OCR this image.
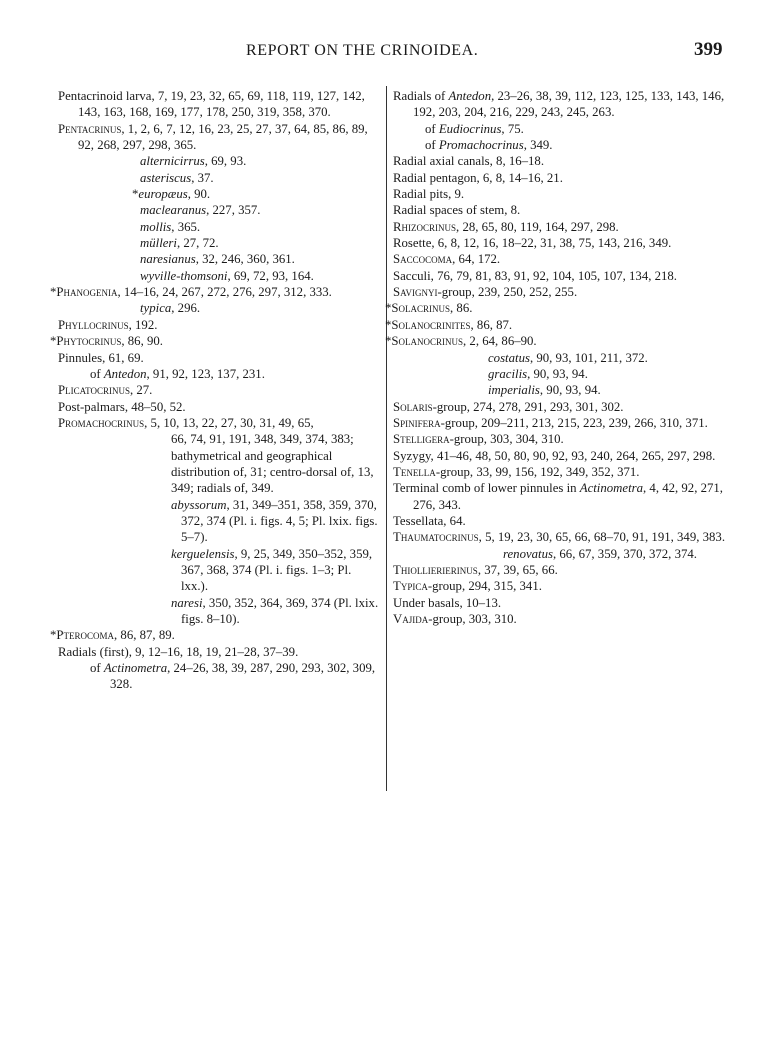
REPORT ON THE CRINOIDEA.	399
Pentacrinoid larva, 7, 19, 23, 32, 65, 69, 118, 119, 127, 142, 143, 163, 168, 169, 177, 178, 250, 319, 358, 370.
Pentacrinus, 1, 2, 6, 7, 12, 16, 23, 25, 27, 37, 64, 85, 86, 89, 92, 268, 297, 298, 365.
alternicirrus, 69, 93.
asteriscus, 37.
*europæus, 90.
maclearanus, 227, 357.
mollis, 365.
mülleri, 27, 72.
naresianus, 32, 246, 360, 361.
wyville-thomsoni, 69, 72, 93, 164.
*Phanogenia, 14–16, 24, 267, 272, 276, 297, 312, 333.
typica, 296.
Phyllocrinus, 192.
*Phytocrinus, 86, 90.
Pinnules, 61, 69.
of Antedon, 91, 92, 123, 137, 231.
Plicatocrinus, 27.
Post-palmars, 48–50, 52.
Promachocrinus, 5, 10, 13, 22, 27, 30, 31, 49, 65,
66, 74, 91, 191, 348, 349, 374, 383; bathymetrical and geographical distribution of, 31; centro-dorsal of, 13, 349; radials of, 349.
abyssorum, 31, 349–351, 358, 359, 370, 372, 374 (Pl. i. figs. 4, 5; Pl. lxix. figs. 5–7).
kerguelensis, 9, 25, 349, 350–352, 359, 367, 368, 374 (Pl. i. figs. 1–3; Pl. lxx.).
naresi, 350, 352, 364, 369, 374 (Pl. lxix. figs. 8–10).
*Pterocoma, 86, 87, 89.
Radials (first), 9, 12–16, 18, 19, 21–28, 37–39.
of Actinometra, 24–26, 38, 39, 287, 290, 293, 302, 309, 328.
Radials of Antedon, 23–26, 38, 39, 112, 123, 125, 133, 143, 146, 192, 203, 204, 216, 229, 243, 245, 263.
of Eudiocrinus, 75.
of Promachocrinus, 349.
Radial axial canals, 8, 16–18.
Radial pentagon, 6, 8, 14–16, 21.
Radial pits, 9.
Radial spaces of stem, 8.
Rhizocrinus, 28, 65, 80, 119, 164, 297, 298.
Rosette, 6, 8, 12, 16, 18–22, 31, 38, 75, 143, 216, 349.
Saccocoma, 64, 172.
Sacculi, 76, 79, 81, 83, 91, 92, 104, 105, 107, 134, 218.
Savignyi-group, 239, 250, 252, 255.
*Solacrinus, 86.
*Solanocrinites, 86, 87.
*Solanocrinus, 2, 64, 86–90.
costatus, 90, 93, 101, 211, 372.
gracilis, 90, 93, 94.
imperialis, 90, 93, 94.
Solaris-group, 274, 278, 291, 293, 301, 302.
Spinifera-group, 209–211, 213, 215, 223, 239, 266, 310, 371.
Stelligera-group, 303, 304, 310.
Syzygy, 41–46, 48, 50, 80, 90, 92, 93, 240, 264, 265, 297, 298.
Tenella-group, 33, 99, 156, 192, 349, 352, 371.
Terminal comb of lower pinnules in Actinometra, 4, 42, 92, 271, 276, 343.
Tessellata, 64.
Thaumatocrinus, 5, 19, 23, 30, 65, 66, 68–70, 91, 191, 349, 383.
renovatus, 66, 67, 359, 370, 372, 374.
Thiollierierinus, 37, 39, 65, 66.
Typica-group, 294, 315, 341.
Under basals, 10–13.
Vajida-group, 303, 310.
